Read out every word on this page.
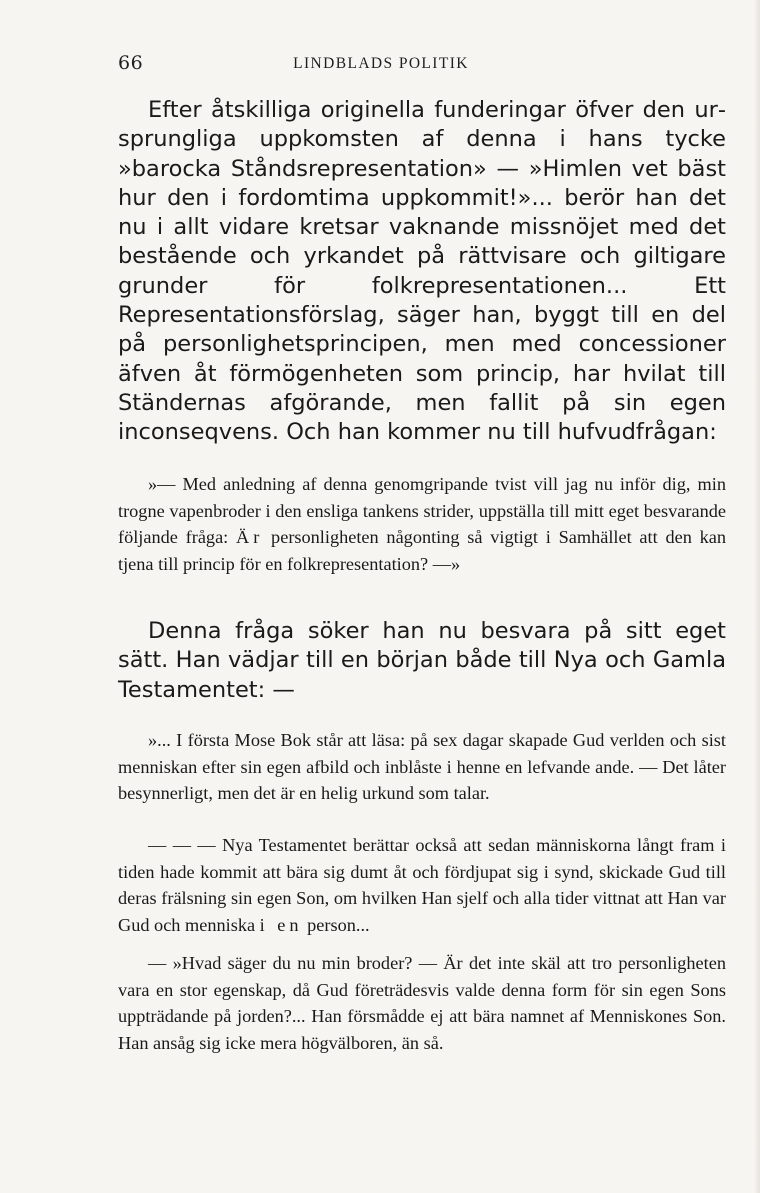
66	LINDBLADS POLITIK

Efter åtskilliga originella funderingar öfver den ursprungliga uppkomsten af denna i hans tycke »barocka Ståndsrepresentation» — »Himlen vet bäst hur den i fordomtima uppkommit!»... berör han det nu i allt vidare kretsar vaknande missnöjet med det bestående och yrkandet på rättvisare och giltigare grunder för folkrepresentationen... Ett Representationsförslag, säger han, byggt till en del på personlighetsprincipen, men med concessioner äfven åt förmögenheten som princip, har hvilat till Ständernas afgörande, men fallit på sin egen inconseqvens. Och han kommer nu till hufvudfrågan:

»— Med anledning af denna genomgripande tvist vill jag nu inför dig, min trogne vapenbroder i den ensliga tankens strider, uppställa till mitt eget besvarande följande fråga: Är personligheten någonting så vigtigt i Samhället att den kan tjena till princip för en folkrepresentation? —»

Denna fråga söker han nu besvara på sitt eget sätt. Han vädjar till en början både till Nya och Gamla Testamentet: —

»... I första Mose Bok står att läsa: på sex dagar skapade Gud verlden och sist menniskan efter sin egen afbild och inblåste i henne en lefvande ande. — Det låter besynnerligt, men det är en helig urkund som talar.

— — — Nya Testamentet berättar också att sedan människorna långt fram i tiden hade kommit att bära sig dumt åt och fördjupat sig i synd, skickade Gud till deras frälsning sin egen Son, om hvilken Han sjelf och alla tider vittnat att Han var Gud och menniska i en person...

— »Hvad säger du nu min broder? — Är det inte skäl att tro personligheten vara en stor egenskap, då Gud företrädesvis valde denna form för sin egen Sons uppträdande på jorden?... Han försmådde ej att bära namnet af Menniskones Son. Han ansåg sig icke mera högvälboren, än så.
